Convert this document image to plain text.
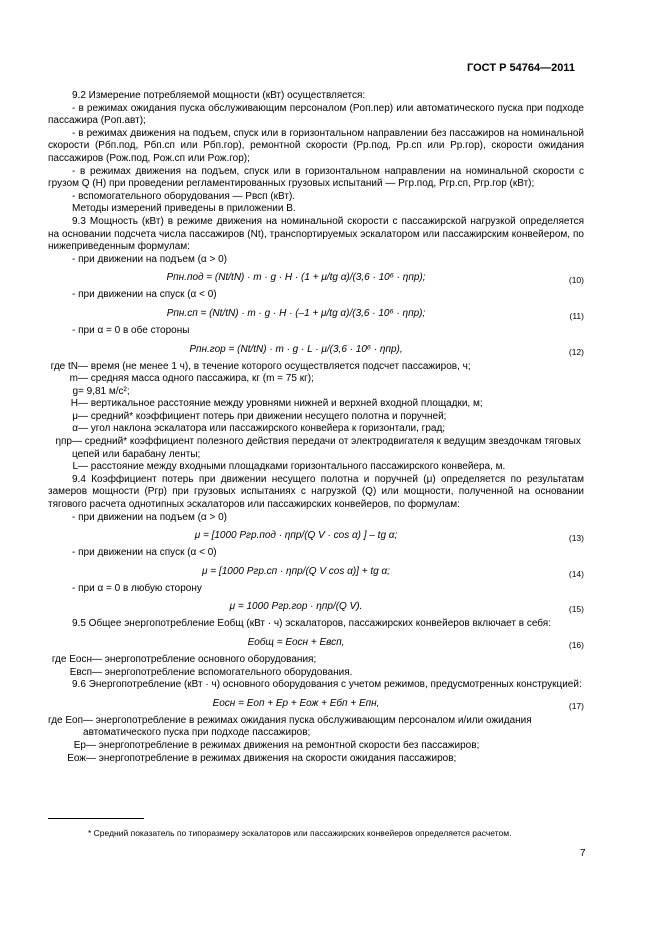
ГОСТ Р 54764—2011

9.2 Измерение потребляемой мощности (кВт) осуществляется:

- в режимах ожидания пуска обслуживающим персоналом (Pоп.пер) или автоматического пуска при подходе пассажира (Pоп.авт);

- в режимах движения на подъем, спуск или в горизонтальном направлении без пассажиров на номинальной скорости (Pбп.под, Pбп.сп или Pбп.гор), ремонтной скорости (Pр.под, Pр.сп или Pр.гор), скорости ожидания пассажиров (Pож.под, Pож.сп или Pож.гор);

- в режимах движения на подъем, спуск или в горизонтальном направлении на номинальной скорости с грузом Q (Н) при проведении регламентированных грузовых испытаний — Pгр.под, Pгр.сп, Pгр.гор (кВт);

- вспомогательного оборудования — Pвсп (кВт).

Методы измерений приведены в приложении В.

9.3 Мощность (кВт) в режиме движения на номинальной скорости с пассажирской нагрузкой определяется на основании подсчета числа пассажиров (Nt), транспортируемых эскалатором или пассажирским конвейером, по нижеприведенным формулам:

- при движении на подъем (α > 0)

Pпн.под = (Nt/tN) · m · g · H · (1 + μ/tg α)/(3,6 · 10⁶ · ηпр);	(10)

- при движении на спуск (α < 0)

Pпн.сп = (Nt/tN) · m · g · H · (–1 + μ/tg α)/(3,6 · 10⁶ · ηпр);	(11)

- при α = 0 в обе стороны

Pпн.гор = (Nt/tN) · m · g · L · μ/(3,6 · 10⁶ · ηпр),	(12)
где tN — время (не менее 1 ч), в течение которого осуществляется подсчет пассажиров, ч;
m — средняя масса одного пассажира, кг (m = 75 кг);
g = 9,81 м/с²;
H — вертикальное расстояние между уровнями нижней и верхней входной площадки, м;
μ — средний* коэффициент потерь при движении несущего полотна и поручней;
α — угол наклона эскалатора или пассажирского конвейера к горизонтали, град;
ηпр — средний* коэффициент полезного действия передачи от электродвигателя к ведущим звездочкам тяговых цепей или барабану ленты;
L — расстояние между входными площадками горизонтального пассажирского конвейера, м.

9.4 Коэффициент потерь при движении несущего полотна и поручней (μ) определяется по результатам замеров мощности (Pгр) при грузовых испытаниях с нагрузкой (Q) или мощности, полученной на основании тягового расчета однотипных эскалаторов или пассажирских конвейеров, по формулам:

- при движении на подъем (α > 0)

μ = [1000 Pгр.под · ηпр/(Q V · cos α) ] – tg α;	(13)

- при движении на спуск (α < 0)

μ = [1000 Pгр.сп · ηпр/(Q V cos α)] + tg α;	(14)

- при α = 0 в любую сторону

μ = 1000 Pгр.гор · ηпр/(Q V).	(15)

9.5 Общее энергопотребление Eобщ (кВт · ч) эскалаторов, пассажирских конвейеров включает в себя:

Eобщ = Eосн + Eвсп,	(16)
где Eосн — энергопотребление основного оборудования;
Eвсп — энергопотребление вспомогательного оборудования.

9.6 Энергопотребление (кВт · ч) основного оборудования с учетом режимов, предусмотренных конструкцией:

Eосн = Eоп + Eр + Eож + Eбп + Eпн,	(17)
где Eоп — энергопотребление в режимах ожидания пуска обслуживающим персоналом и/или ожидания автоматического пуска при подходе пассажиров;
Eр — энергопотребление в режимах движения на ремонтной скорости без пассажиров;
Eож — энергопотребление в режимах движения на скорости ожидания пассажиров;
* Средний показатель по типоразмеру эскалаторов или пассажирских конвейеров определяется расчетом.
7
